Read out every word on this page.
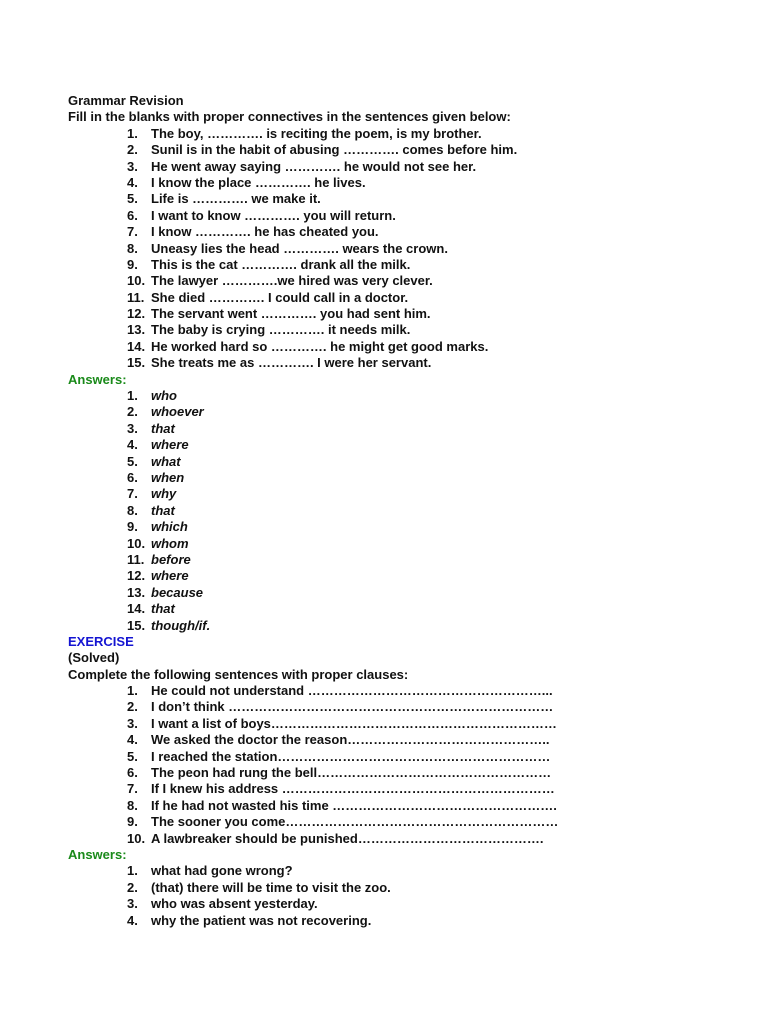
Grammar Revision
Fill in the blanks with proper connectives in the sentences given below:
1. The boy, …………. is reciting the poem, is my brother.
2. Sunil is in the habit of abusing …………. comes before him.
3. He went away saying …………. he would not see her.
4. I know the place …………. he lives.
5. Life is …………. we make it.
6. I want to know …………. you will return.
7. I know …………. he has cheated you.
8. Uneasy lies the head …………. wears the crown.
9. This is the cat …………. drank all the milk.
10. The lawyer ………….we hired was very clever.
11. She died …………. I could call in a doctor.
12. The servant went …………. you had sent him.
13. The baby is crying …………. it needs milk.
14. He worked hard so …………. he might get good marks.
15. She treats me as …………. I were her servant.
Answers:
1. who
2. whoever
3. that
4. where
5. what
6. when
7. why
8. that
9. which
10. whom
11. before
12. where
13. because
14. that
15. though/if.
EXERCISE
(Solved)
Complete the following sentences with proper clauses:
1. He could not understand ………………………………………………...
2. I don’t think …………………………………………………………………
3. I want a list of boys…………………………………………………………
4. We asked the doctor the reason………………………………………..
5. I reached the station………………………………………………………
6. The peon had rung the bell………………………………………………
7. If I knew his address ………………………………………………………
8. If he had not wasted his time …………………………………………….
9. The sooner you come………………………………………………………
10. A lawbreaker should be punished…………………………………….
Answers:
1. what had gone wrong?
2. (that) there will be time to visit the zoo.
3. who was absent yesterday.
4. why the patient was not recovering.
